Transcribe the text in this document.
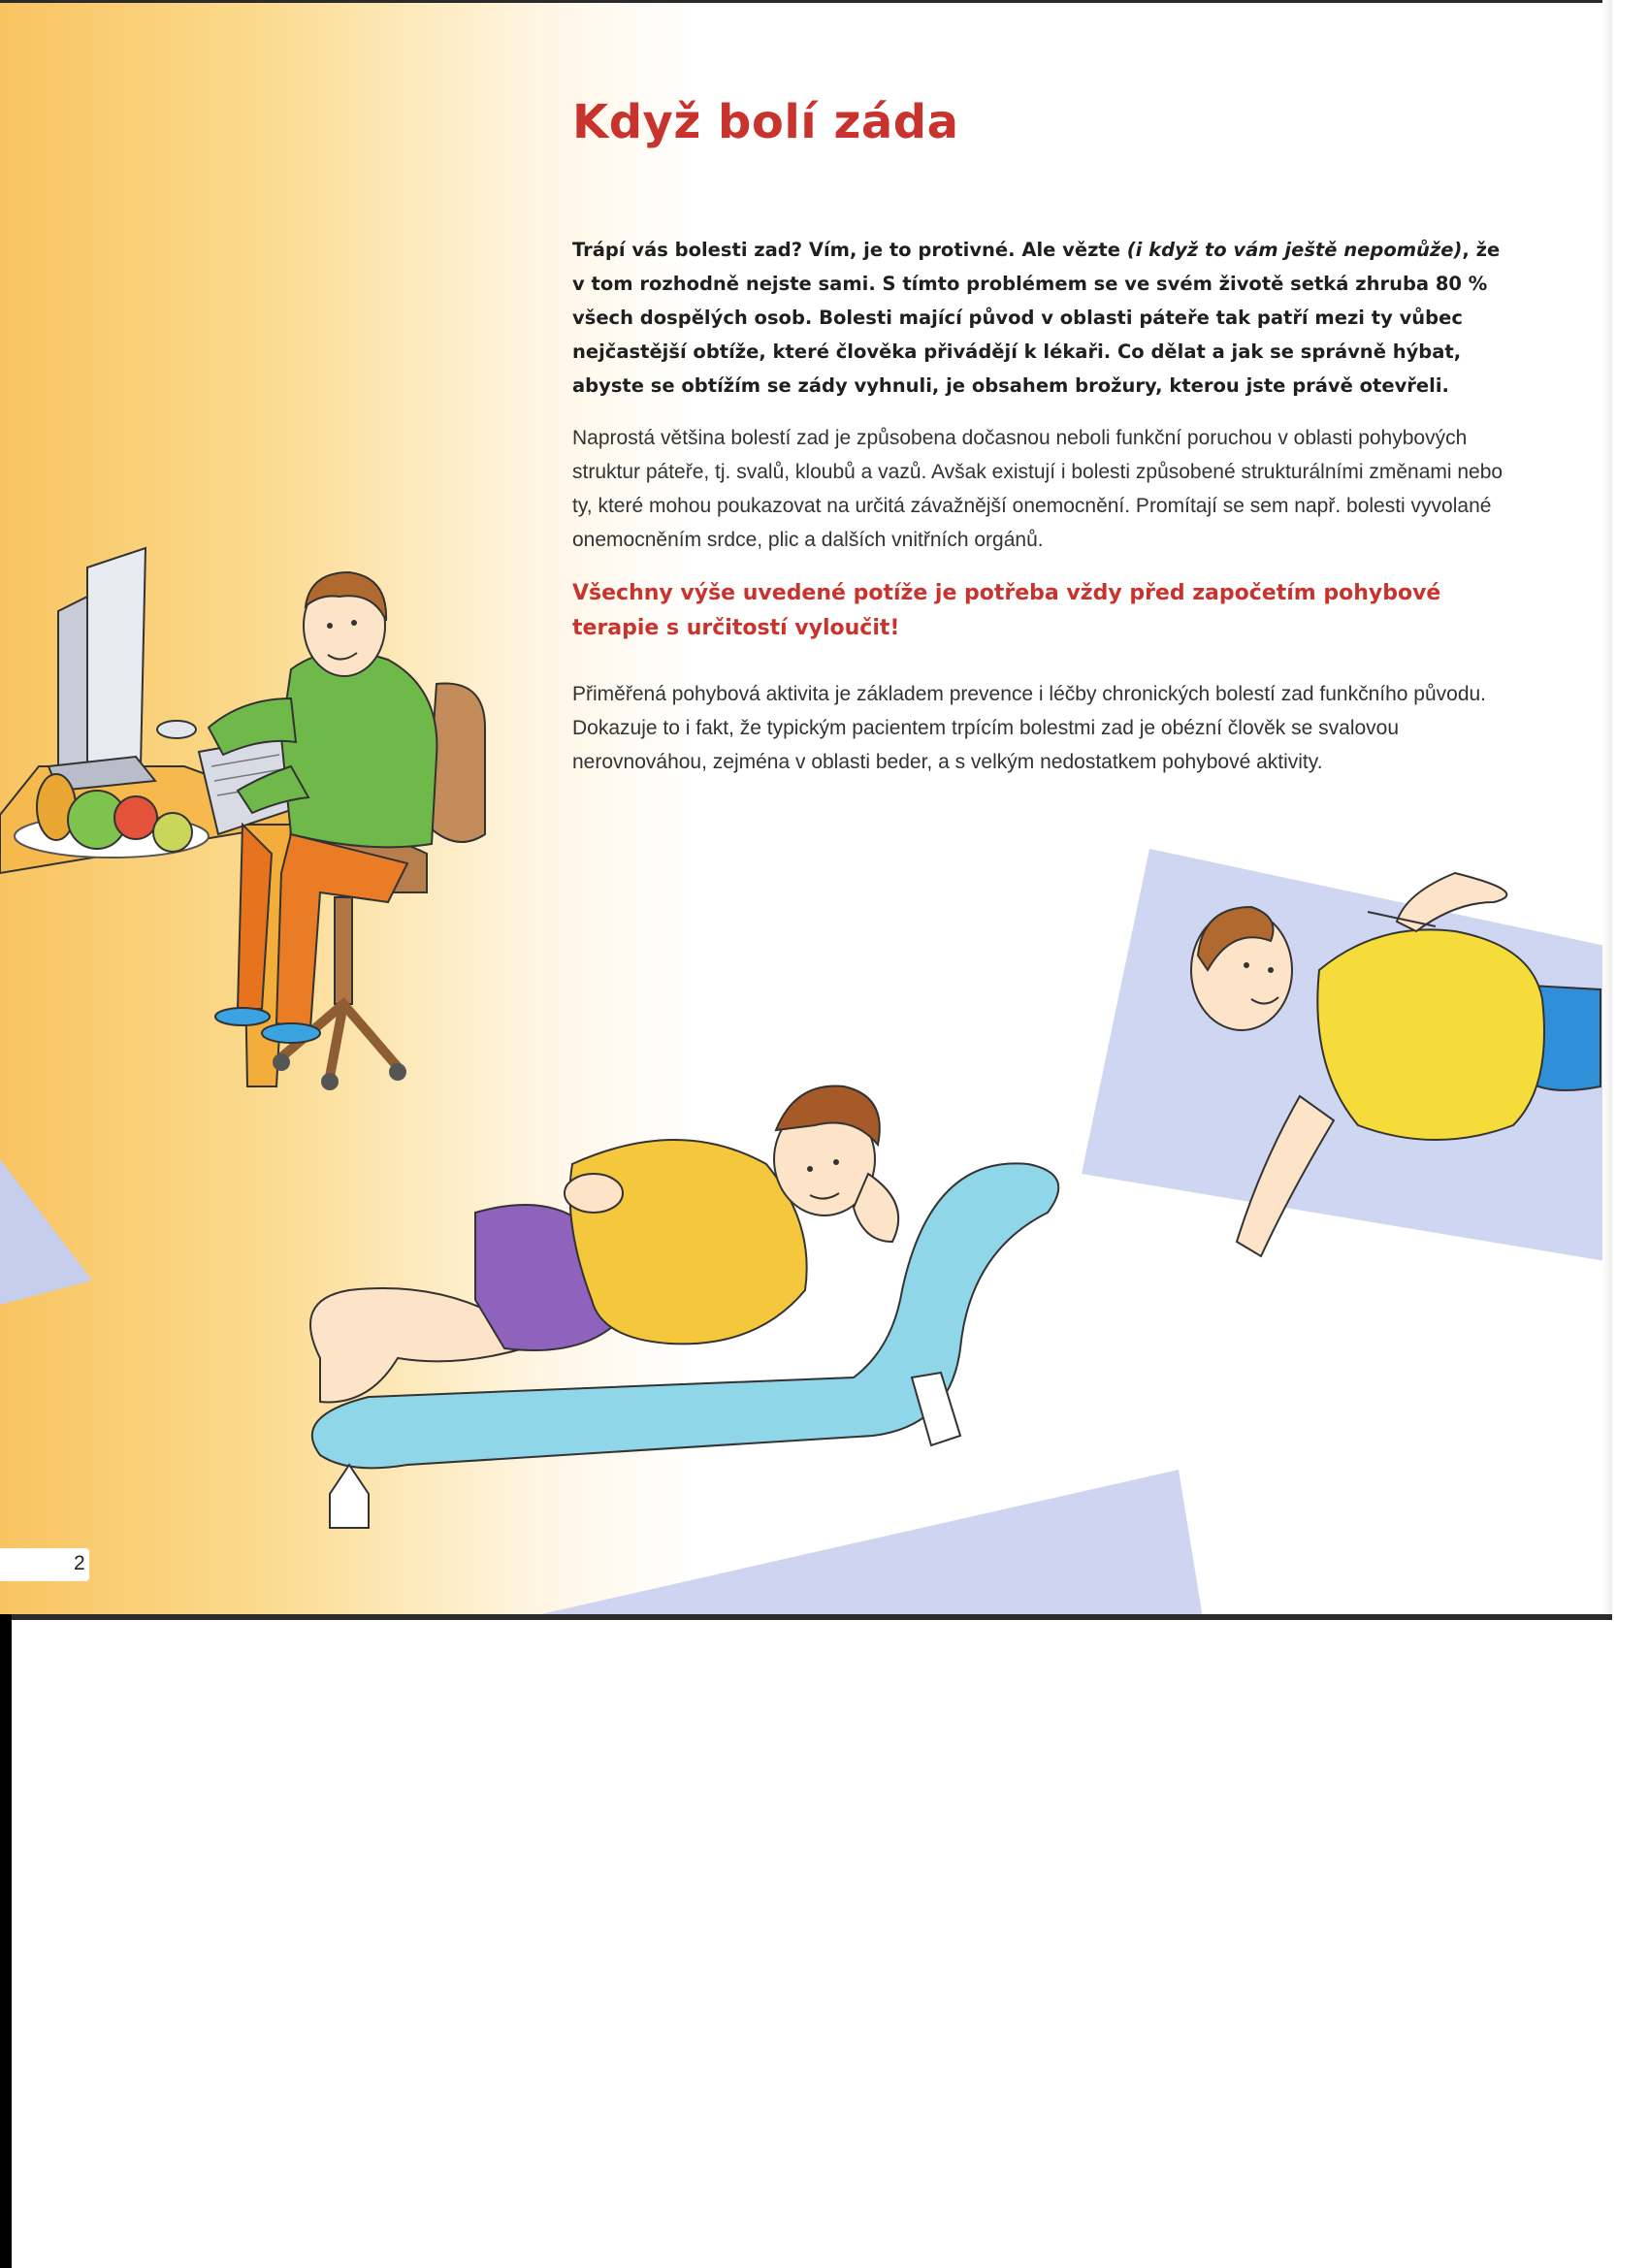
Když bolí záda

Trápí vás bolesti zad? Vím, je to protivné. Ale vězte (i když to vám ještě nepomůže), že v tom rozhodně nejste sami. S tímto problémem se ve svém životě setká zhruba 80 % všech dospělých osob. Bolesti mající původ v oblasti páteře tak patří mezi ty vůbec nejčastější obtíže, které člověka přivádějí k lékaři. Co dělat a jak se správně hýbat, abyste se obtížím se zády vyhnuli, je obsahem brožury, kterou jste právě otevřeli.

Naprostá většina bolestí zad je způsobena dočasnou neboli funkční poruchou v oblasti pohybových struktur páteře, tj. svalů, kloubů a vazů. Avšak existují i bolesti způsobené strukturálními změnami nebo ty, které mohou poukazovat na určitá závažnější onemocnění. Promítají se sem např. bolesti vyvolané onemocněním srdce, plic a dalších vnitřních orgánů.

Všechny výše uvedené potíže je potřeba vždy před započetím pohybové terapie s určitostí vyloučit!

Přiměřená pohybová aktivita je základem prevence i léčby chronických bolestí zad funkčního původu. Dokazuje to i fakt, že typickým pacientem trpícím bolestmi zad je obézní člověk se svalovou nerovnováhou, zejména v oblasti beder, a s velkým nedostatkem pohybové aktivity.

2
